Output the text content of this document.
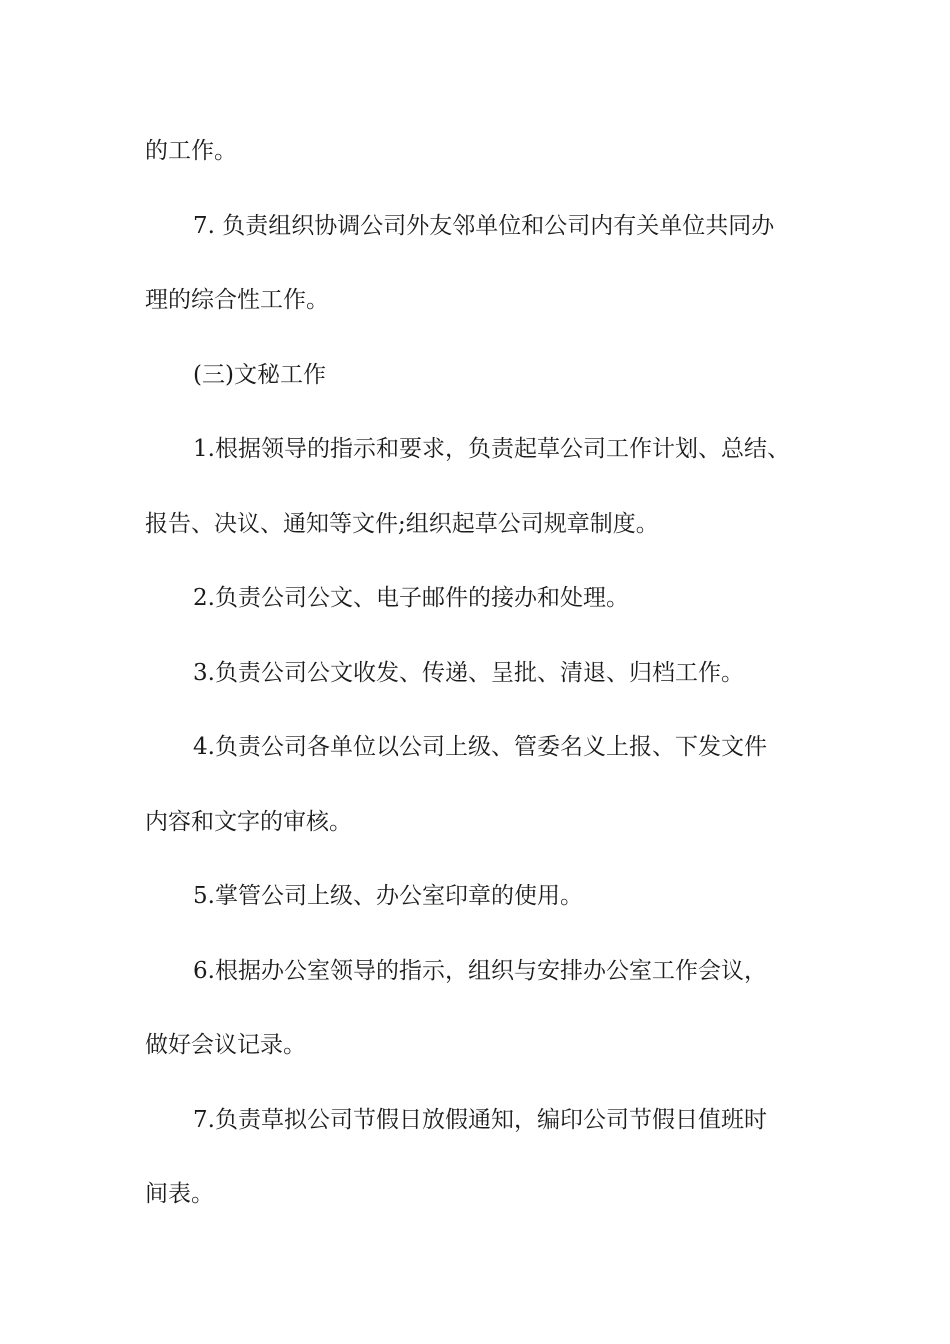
的工作。
7. 负责组织协调公司外友邻单位和公司内有关单位共同办
理的综合性工作。
(三)文秘工作
1.根据领导的指示和要求，负责起草公司工作计划、总结、
报告、决议、通知等文件;组织起草公司规章制度。
2.负责公司公文、电子邮件的接办和处理。
3.负责公司公文收发、传递、呈批、清退、归档工作。
4.负责公司各单位以公司上级、管委名义上报、下发文件
内容和文字的审核。
5.掌管公司上级、办公室印章的使用。
6.根据办公室领导的指示，组织与安排办公室工作会议，
做好会议记录。
7.负责草拟公司节假日放假通知，编印公司节假日值班时
间表。
